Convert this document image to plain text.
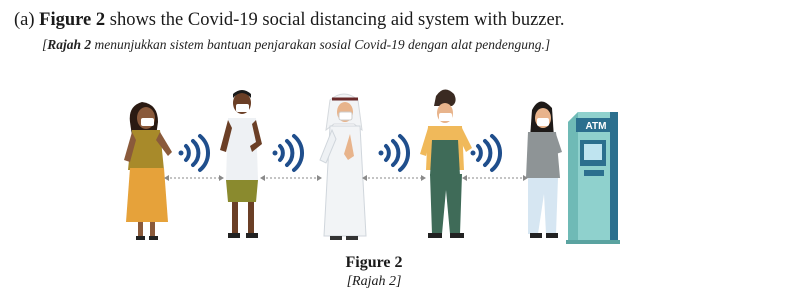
(a) Figure 2 shows the Covid-19 social distancing aid system with buzzer.
[Rajah 2 menunjukkan sistem bantuan penjarakan sosial Covid-19 dengan alat pendengung.]
ATM
Figure 2
[Rajah 2]
